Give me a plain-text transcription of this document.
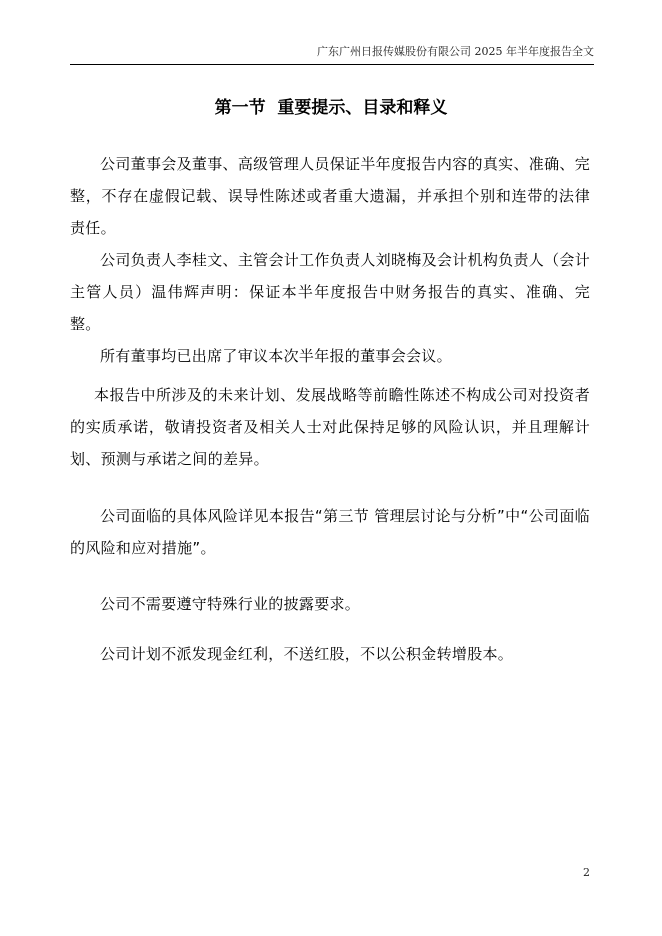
广东广州日报传媒股份有限公司 2025 年半年度报告全文
第一节  重要提示、目录和释义

公司董事会及董事、高级管理人员保证半年度报告内容的真实、准确、完整，不存在虚假记载、误导性陈述或者重大遗漏，并承担个别和连带的法律责任。

公司负责人李桂文、主管会计工作负责人刘晓梅及会计机构负责人（会计主管人员）温伟辉声明：保证本半年度报告中财务报告的真实、准确、完整。

所有董事均已出席了审议本次半年报的董事会会议。

本报告中所涉及的未来计划、发展战略等前瞻性陈述不构成公司对投资者的实质承诺，敬请投资者及相关人士对此保持足够的风险认识，并且理解计划、预测与承诺之间的差异。

公司面临的具体风险详见本报告“第三节 管理层讨论与分析”中“公司面临的风险和应对措施”。

公司不需要遵守特殊行业的披露要求。

公司计划不派发现金红利，不送红股，不以公积金转增股本。

2
